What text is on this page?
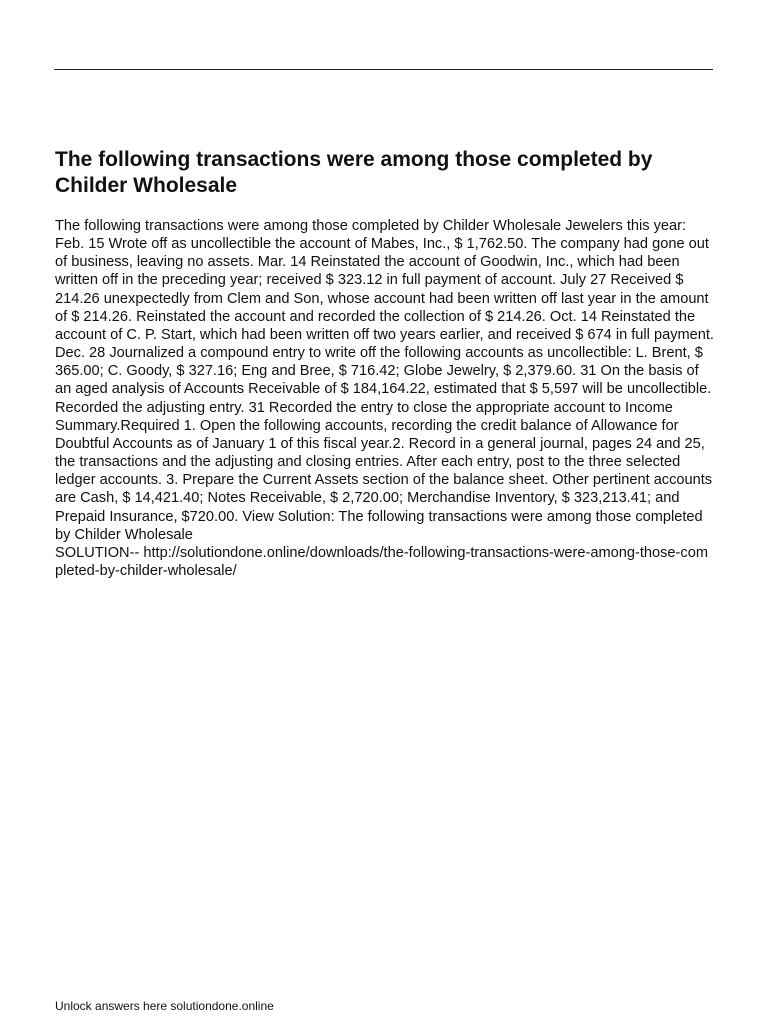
The following transactions were among those completed by Childer Wholesale
The following transactions were among those completed by Childer Wholesale Jewelers this year: Feb. 15 Wrote off as uncollectible the account of Mabes, Inc., $ 1,762.50. The company had gone out of business, leaving no assets. Mar. 14 Reinstated the account of Goodwin, Inc., which had been written off in the preceding year; received $ 323.12 in full payment of account. July 27 Received $ 214.26 unexpectedly from Clem and Son, whose account had been written off last year in the amount of $ 214.26. Reinstated the account and recorded the collection of $ 214.26. Oct. 14 Reinstated the account of C. P. Start, which had been written off two years earlier, and received $ 674 in full payment. Dec. 28 Journalized a compound entry to write off the following accounts as uncollectible: L. Brent, $ 365.00; C. Goody, $ 327.16; Eng and Bree, $ 716.42; Globe Jewelry, $ 2,379.60. 31 On the basis of an aged analysis of Accounts Receivable of $ 184,164.22, estimated that $ 5,597 will be uncollectible. Recorded the adjusting entry. 31 Recorded the entry to close the appropriate account to Income Summary.Required 1. Open the following accounts, recording the credit balance of Allowance for Doubtful Accounts as of January 1 of this fiscal year.2. Record in a general journal, pages 24 and 25, the transactions and the adjusting and closing entries. After each entry, post to the three selected ledger accounts. 3. Prepare the Current Assets section of the balance sheet. Other pertinent accounts are Cash, $ 14,421.40; Notes Receivable, $ 2,720.00; Merchandise Inventory, $ 323,213.41; and Prepaid Insurance, $720.00. View Solution: The following transactions were among those completed by Childer Wholesale
SOLUTION-- http://solutiondone.online/downloads/the-following-transactions-were-among-those-completed-by-childer-wholesale/

Unlock answers here solutiondone.online
